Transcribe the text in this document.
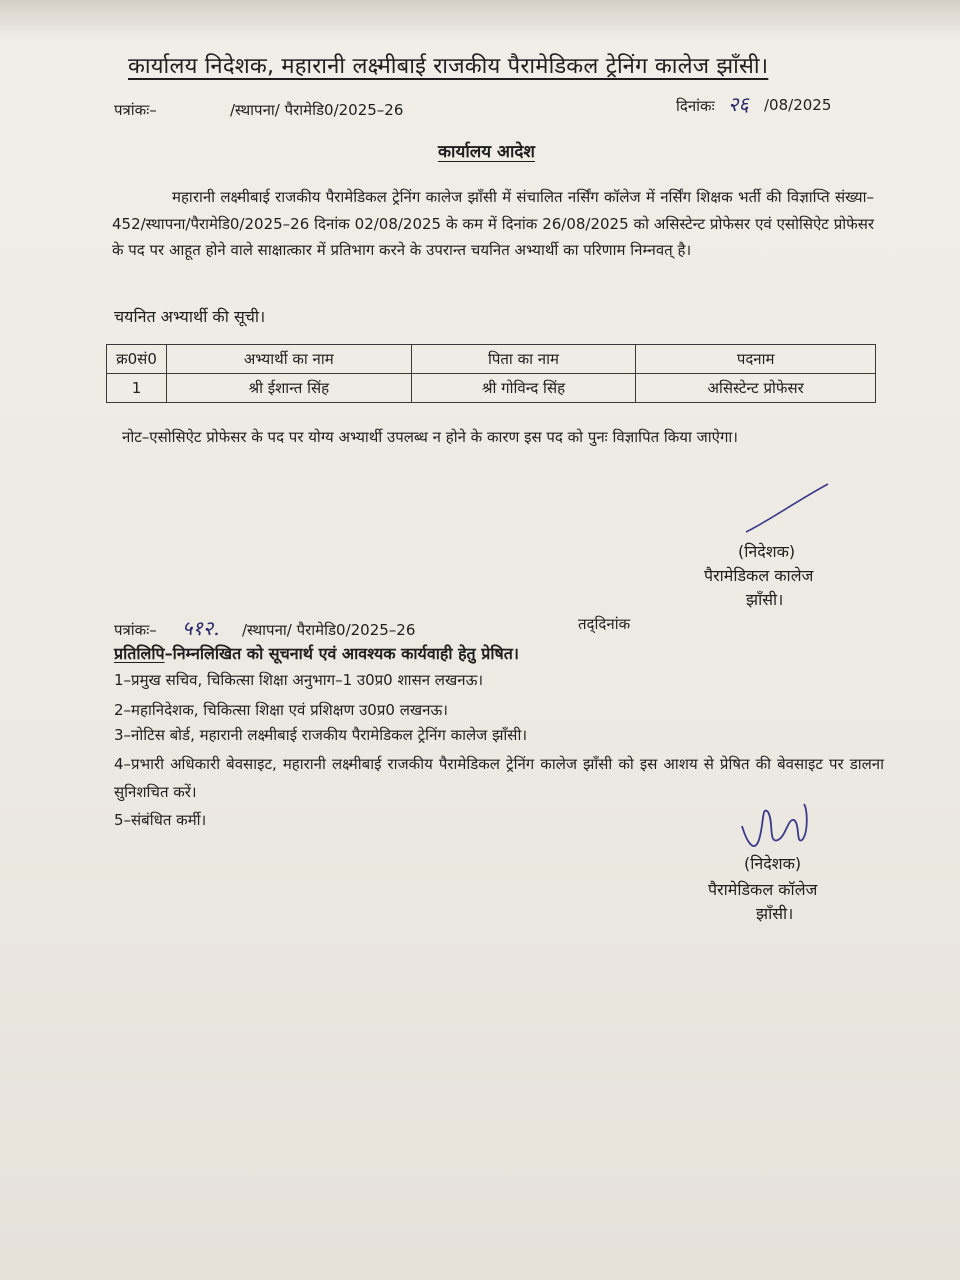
कार्यालय निदेशक, महारानी लक्ष्मीबाई राजकीय पैरामेडिकल ट्रेनिंग कालेज झाँसी।
पत्रांकः–	/स्थापना/ पैरामेडि0/2025–26	दिनांकः २६ /08/2025
कार्यालय आदेश
महारानी लक्ष्मीबाई राजकीय पैरामेडिकल ट्रेनिंग कालेज झाँसी में संचालित नर्सिंग कॉलेज में नर्सिंग शिक्षक भर्ती की विज्ञाप्ति संख्या–452/स्थापना/पैरामेडि0/2025–26 दिनांक 02/08/2025 के कम में दिनांक 26/08/2025 को असिस्टेन्ट प्रोफेसर एवं एसोसिऐट प्रोफेसर के पद पर आहूत होने वाले साक्षात्कार में प्रतिभाग करने के उपरान्त चयनित अभ्यार्थी का परिणाम निम्नवत् है।
चयनित अभ्यार्थी की सूची।
क्र0सं0	अभ्यार्थी का नाम	पिता का नाम	पदनाम
1	श्री ईशान्त सिंह	श्री गोविन्द सिंह	असिस्टेन्ट प्रोफेसर
नोट–एसोसिऐट प्रोफेसर के पद पर योग्य अभ्यार्थी उपलब्ध न होने के कारण इस पद को पुनः विज्ञापित किया जाऐगा।
(निदेशक)
पैरामेडिकल कालेज
झाँसी।
पत्रांकः– ५१२. /स्थापना/ पैरामेडि0/2025–26	तद्‌दिनांक
प्रतिलिपि–निम्नलिखित को सूचनार्थ एवं आवश्यक कार्यवाही हेतु प्रेषित।
1–प्रमुख सचिव, चिकित्सा शिक्षा अनुभाग–1 उ0प्र0 शासन लखनऊ।
2–महानिदेशक, चिकित्सा शिक्षा एवं प्रशिक्षण उ0प्र0 लखनऊ।
3–नोटिस बोर्ड, महारानी लक्ष्मीबाई राजकीय पैरामेडिकल ट्रेनिंग कालेज झाँसी।
4–प्रभारी अधिकारी बेवसाइट, महारानी लक्ष्मीबाई राजकीय पैरामेडिकल ट्रेनिंग कालेज झाँसी को इस आशय से प्रेषित की बेवसाइट पर डालना सुनिशचित करें।
5–संबंधित कर्मी।
(निदेशक)
पैरामेडिकल कॉलेज
झाँसी।
